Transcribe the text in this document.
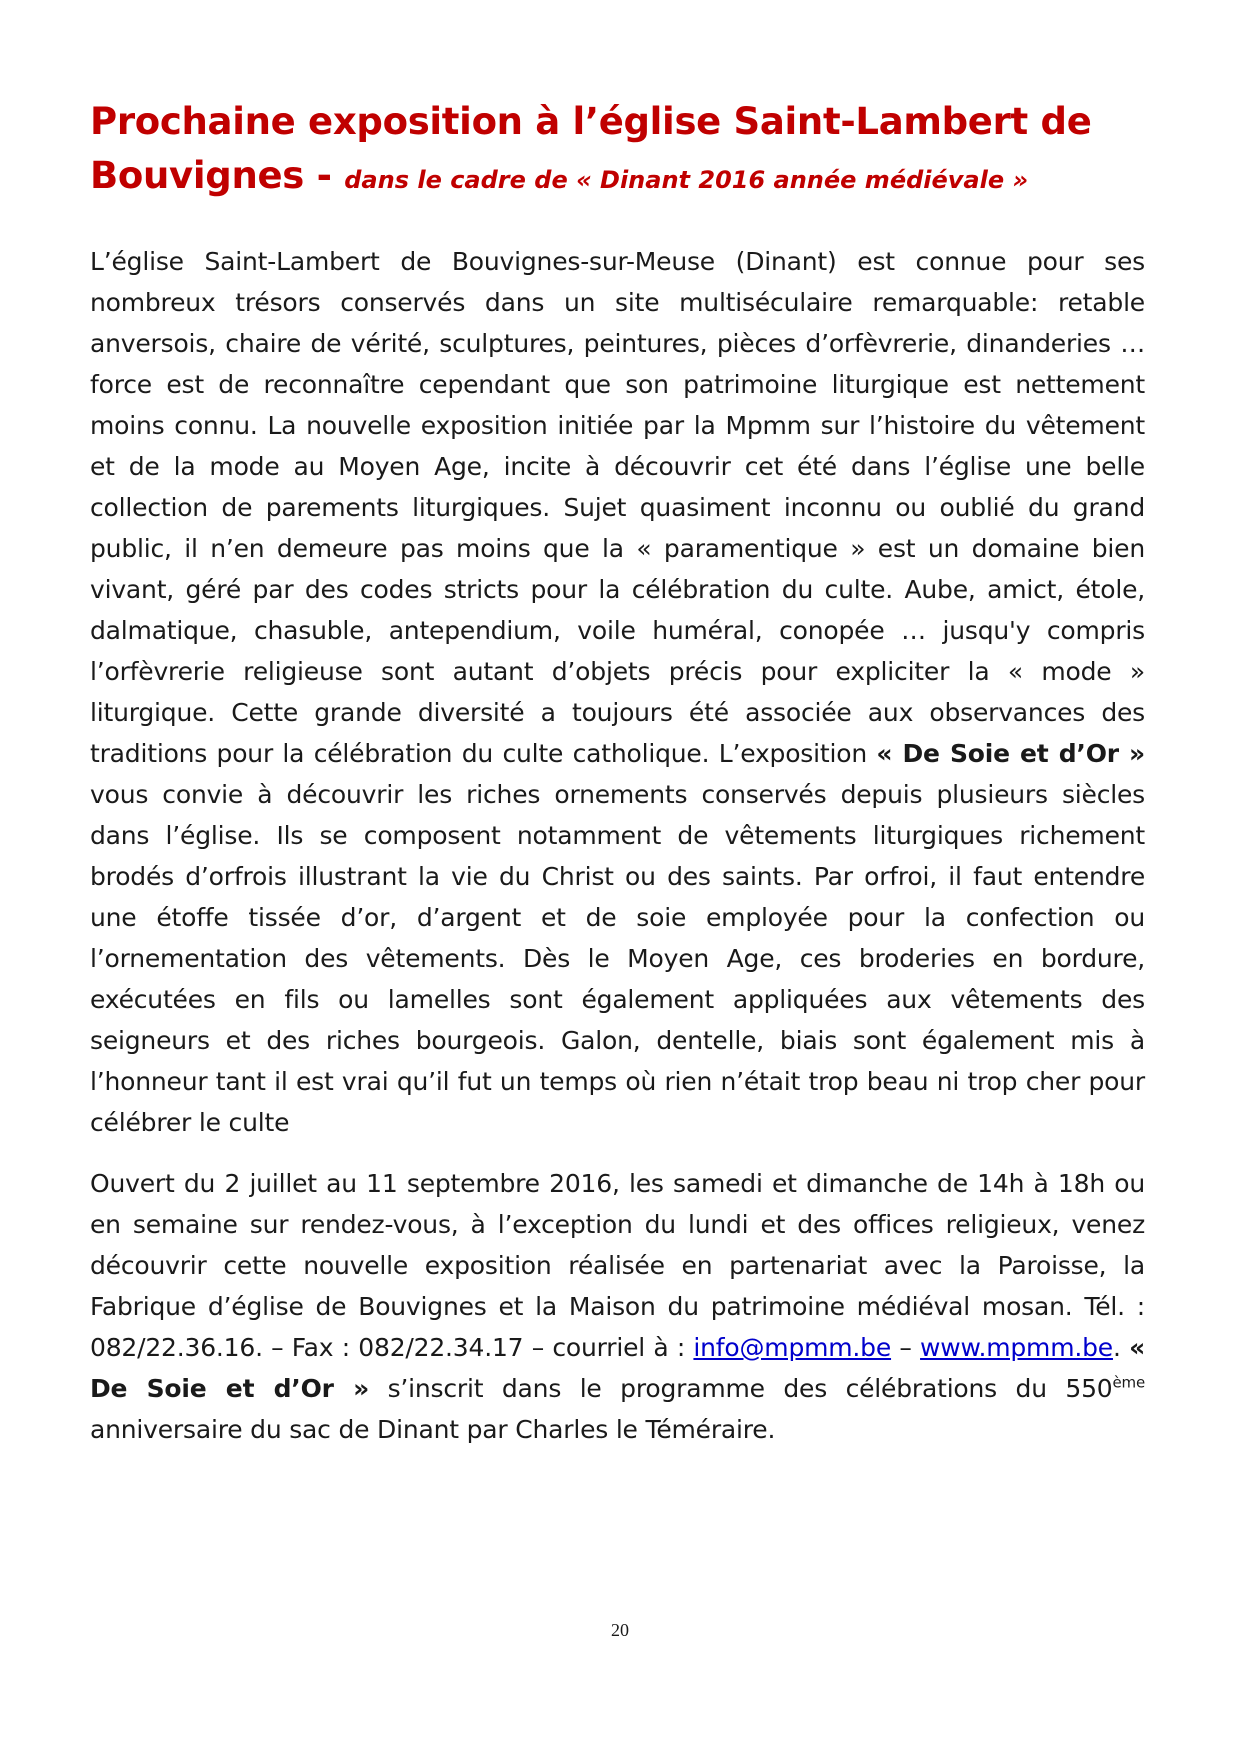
Prochaine exposition à l’église Saint-Lambert de Bouvignes - dans le cadre de « Dinant 2016 année médiévale »

L’église Saint-Lambert de Bouvignes-sur-Meuse (Dinant) est connue pour ses nombreux trésors conservés dans un site multiséculaire remarquable: retable anversois, chaire de vérité, sculptures, peintures, pièces d’orfèvrerie, dinanderies … force est de reconnaître cependant que son patrimoine liturgique est nettement moins connu. La nouvelle exposition initiée par la Mpmm sur l’histoire du vêtement et de la mode au Moyen Age, incite à découvrir cet été dans l’église une belle collection de parements liturgiques. Sujet quasiment inconnu ou oublié du grand public, il n’en demeure pas moins que la « paramentique » est un domaine bien vivant, géré par des codes stricts pour la célébration du culte. Aube, amict, étole, dalmatique, chasuble, antependium, voile huméral, conopée … jusqu'y compris l’orfèvrerie religieuse sont autant d’objets précis pour expliciter la « mode » liturgique. Cette grande diversité a toujours été associée aux observances des traditions pour la célébration du culte catholique. L’exposition « De Soie et d’Or » vous convie à découvrir les riches ornements conservés depuis plusieurs siècles dans l’église. Ils se composent notamment de vêtements liturgiques richement brodés d’orfrois illustrant la vie du Christ ou des saints. Par orfroi, il faut entendre une étoffe tissée d’or, d’argent et de soie employée pour la confection ou l’ornementation des vêtements. Dès le Moyen Age, ces broderies en bordure, exécutées en fils ou lamelles sont également appliquées aux vêtements des seigneurs et des riches bourgeois. Galon, dentelle, biais sont également mis à l’honneur tant il est vrai qu’il fut un temps où rien n’était trop beau ni trop cher pour célébrer le culte

Ouvert du 2 juillet au 11 septembre 2016, les samedi et dimanche de 14h à 18h ou en semaine sur rendez-vous, à l’exception du lundi et des offices religieux, venez découvrir cette nouvelle exposition réalisée en partenariat avec la Paroisse, la Fabrique d’église de Bouvignes et la Maison du patrimoine médiéval mosan. Tél. : 082/22.36.16. – Fax : 082/22.34.17 – courriel à : info@mpmm.be – www.mpmm.be. « De Soie et d’Or » s’inscrit dans le programme des célébrations du 550ème anniversaire du sac de Dinant par Charles le Téméraire.

20
